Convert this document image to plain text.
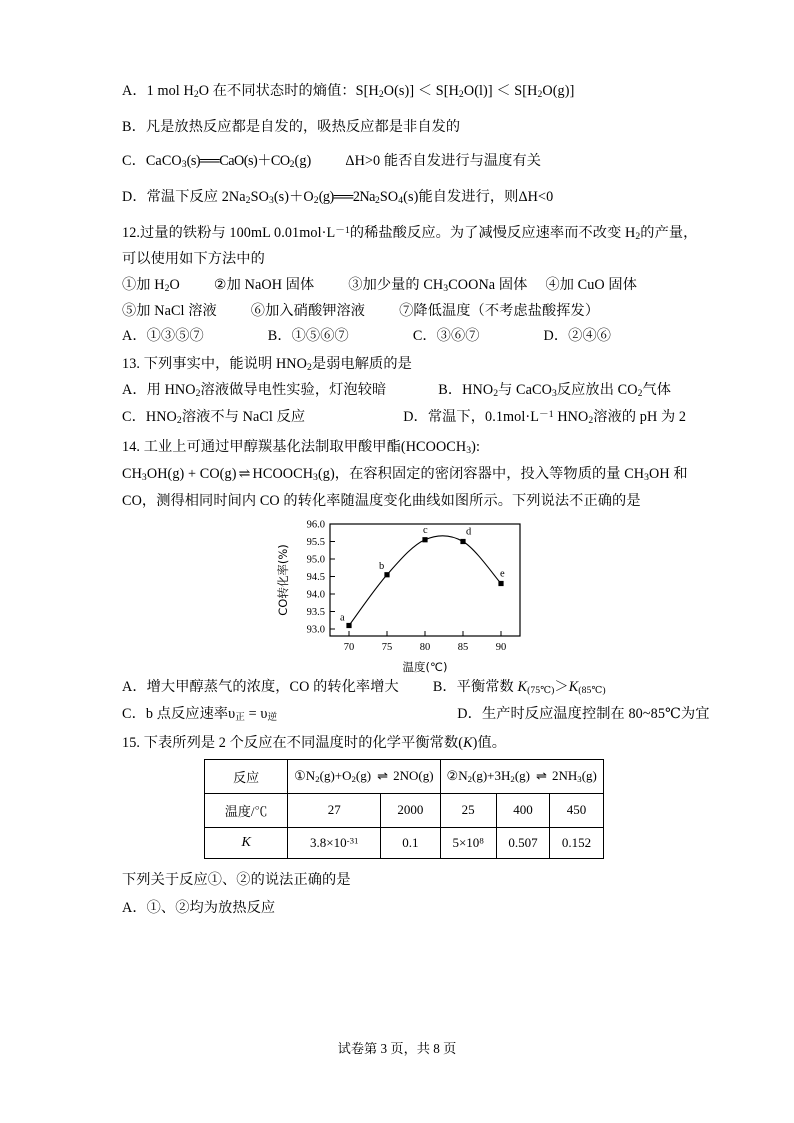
A．1 mol $H_2O$ 在不同状态时的熵值：$S[H_2O(s)] < S[H_2O(l)] < S[H_2O(g)]$
B．凡是放热反应都是自发的，吸热反应都是非自发的
C．$CaCO_3(s)══CaO(s)+CO_2(g)$ ΔH>0 能否自发进行与温度有关
D．常温下反应 $2Na_2SO_3(s)+O_2(g)══2Na_2SO_4(s)$能自发进行，则ΔH<0
12.过量的铁粉与 100mL $0.01mol\cdot L^{-1}$的稀盐酸反应。为了减慢反应速率而不改变 $H_2$的产量，
可以使用如下方法中的
①加 $H_2O$ ②加 NaOH 固体 ③加少量的 $CH_3COONa$ 固体 ④加 CuO 固体
⑤加 NaCl 溶液 ⑥加入硝酸钾溶液 ⑦降低温度（不考虑盐酸挥发）
A．①③⑤⑦	B．①⑤⑥⑦	C．③⑥⑦	D．②④⑥
13. 下列事实中，能说明 $HNO_2$是弱电解质的是
A．用 $HNO_2$溶液做导电性实验，灯泡较暗	B．$HNO_2$与 CaCO$_3$反应放出 $CO_2$气体
C．$HNO_2$溶液不与 NaCl 反应	D．常温下，$0.1mol\cdot L^{-1}$ $HNO_2$溶液的 pH 为 2
14. 工业上可通过甲醇羰基化法制取甲酸甲酯$(HCOOCH_3)$:
$CH_3OH(g) + CO(g)$ ⇌ $HCOOCH_3(g)$，在容积固定的密闭容器中，投入等物质的量 $CH_3OH$ 和
CO，测得相同时间内 CO 的转化率随温度变化曲线如图所示。下列说法不正确的是
96.0
95.5
95.0
94.5
94.0
93.5
93.0
70	75	80	85	90
a
b
c	d
e
温度(℃)
CO转化率(%)
A．增大甲醇蒸气的浓度，CO 的转化率增大 B．平衡常数 $K_{(75℃)}>K_{(85℃)}$
C．b 点反应速率$\upsilon_正 = \upsilon_逆$	D．生产时反应温度控制在 80~85℃为宜
15. 下表所列是 2 个反应在不同温度时的化学平衡常数(K)值。
反应	$①N_2(g)+O_2(g)$ ⇌ 2NO(g)		$②N_2(g)+3H_2(g)$ ⇌ $2NH_3(g)$		
温度/℃	27	2000	25	400	450
K	$3.8\times 10^{-31}$	0.1	$5\times 10^8$	0.507	0.152
下列关于反应①、②的说法正确的是
A．①、②均为放热反应
试卷第 3 页，共 8 页
